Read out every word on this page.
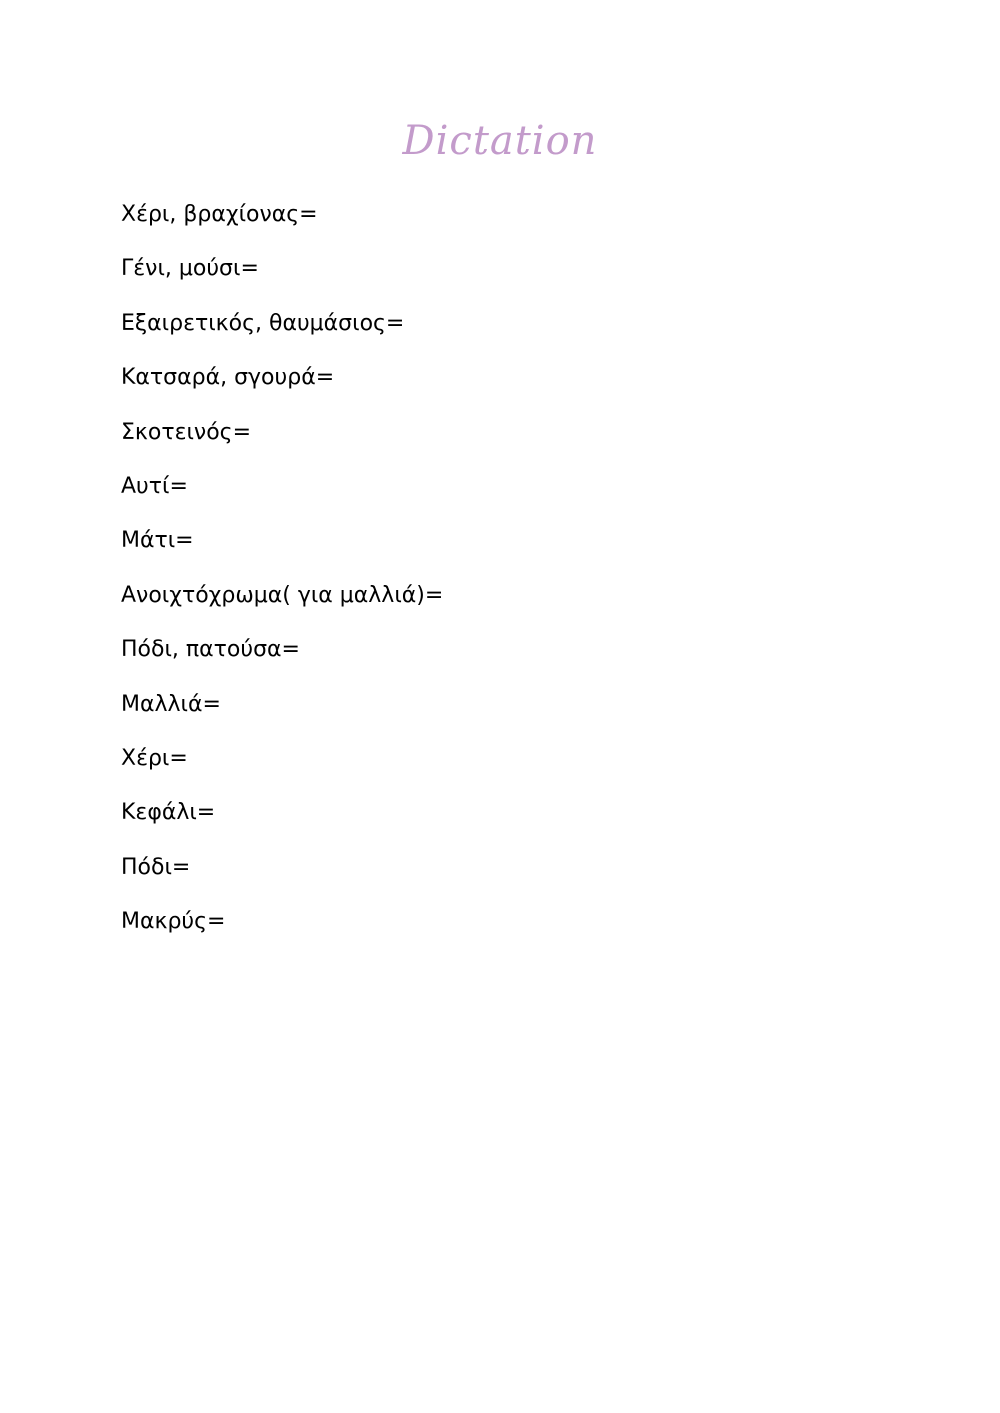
Dictation
Χέρι, βραχίονας=
Γένι, μούσι=
Εξαιρετικός, θαυμάσιος=
Κατσαρά, σγουρά=
Σκοτεινός=
Αυτί=
Μάτι=
Ανοιχτόχρωμα( για μαλλιά)=
Πόδι, πατούσα=
Μαλλιά=
Χέρι=
Κεφάλι=
Πόδι=
Μακρύς=
